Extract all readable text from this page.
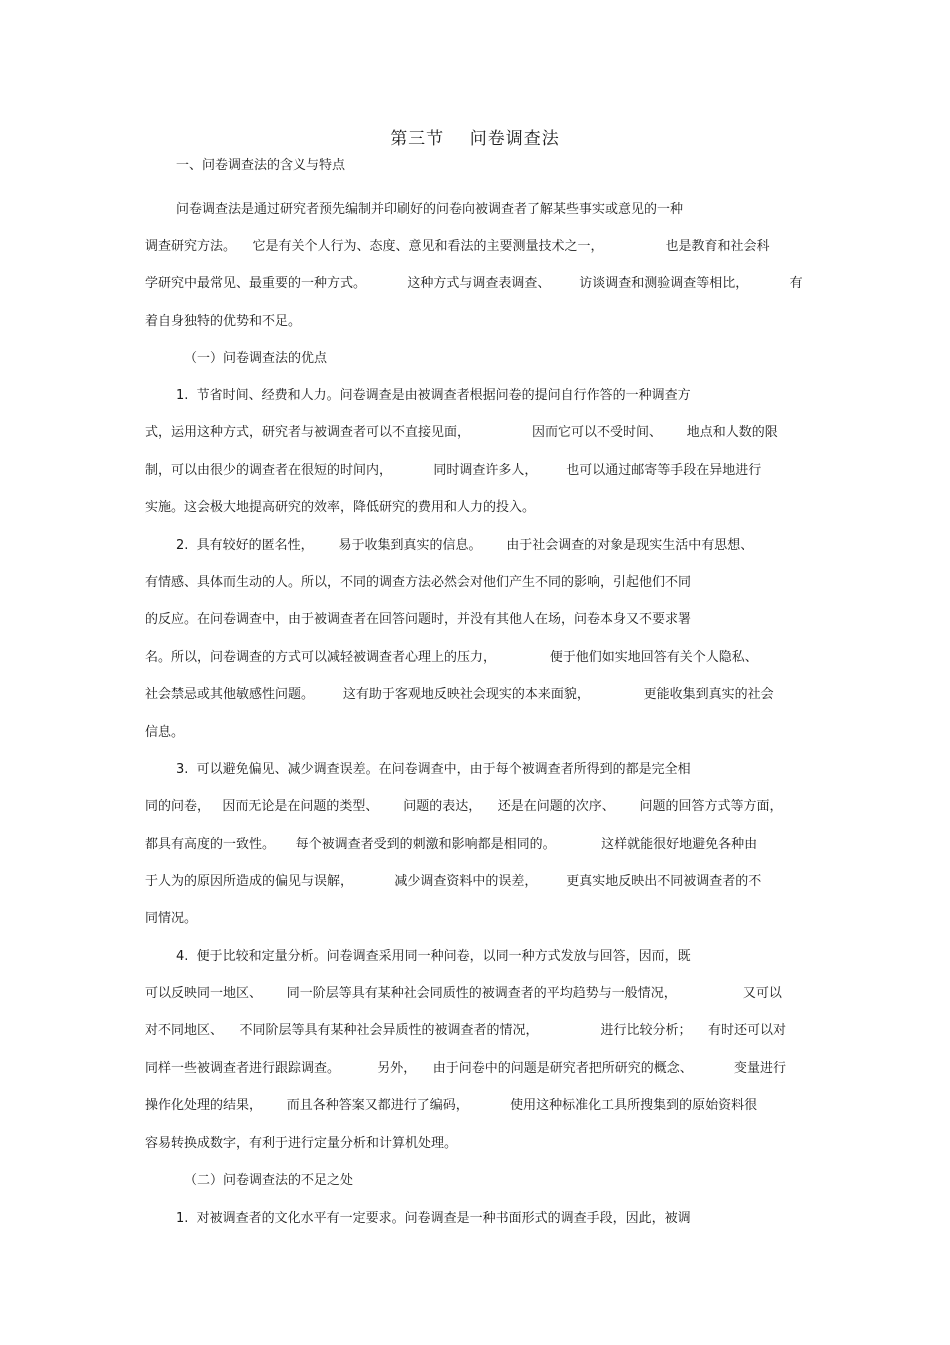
第三节    问卷调查法
一、问卷调查法的含义与特点
问卷调查法是通过研究者预先编制并印刷好的问卷向被调查者了解某些事实或意见的一种
调查研究方法。    它是有关个人行为、态度、意见和看法的主要测量技术之一，               也是教育和社会科
学研究中最常见、最重要的一种方式。          这种方式与调查表调查、       访谈调查和测验调查等相比，          有
着自身独特的优势和不足。
（一）问卷调查法的优点
1.  节省时间、经费和人力。问卷调查是由被调查者根据问卷的提问自行作答的一种调查方
式，运用这种方式，研究者与被调查者可以不直接见面，               因而它可以不受时间、      地点和人数的限
制，可以由很少的调查者在很短的时间内，          同时调查许多人，       也可以通过邮寄等手段在异地进行
实施。这会极大地提高研究的效率，降低研究的费用和人力的投入。
2.  具有较好的匿名性，      易于收集到真实的信息。      由于社会调查的对象是现实生活中有思想、
有情感、具体而生动的人。所以，不同的调查方法必然会对他们产生不同的影响，引起他们不同
的反应。在问卷调查中，由于被调查者在回答问题时，并没有其他人在场，问卷本身又不要求署
名。所以，问卷调查的方式可以减轻被调查者心理上的压力，             便于他们如实地回答有关个人隐私、
社会禁忌或其他敏感性问题。       这有助于客观地反映社会现实的本来面貌，             更能收集到真实的社会
信息。
3.  可以避免偏见、减少调查误差。在问卷调查中，由于每个被调查者所得到的都是完全相
同的问卷，   因而无论是在问题的类型、      问题的表达，    还是在问题的次序、      问题的回答方式等方面，
都具有高度的一致性。     每个被调查者受到的刺激和影响都是相同的。           这样就能很好地避免各种由
于人为的原因所造成的偏见与误解，          减少调查资料中的误差，       更真实地反映出不同被调查者的不
同情况。
4.  便于比较和定量分析。问卷调查采用同一种问卷，以同一种方式发放与回答，因而，既
可以反映同一地区、      同一阶层等具有某种社会同质性的被调查者的平均趋势与一般情况，                又可以
对不同地区、    不同阶层等具有某种社会异质性的被调查者的情况，               进行比较分析；    有时还可以对
同样一些被调查者进行跟踪调查。         另外，    由于问卷中的问题是研究者把所研究的概念、          变量进行
操作化处理的结果，      而且各种答案又都进行了编码，          使用这种标准化工具所搜集到的原始资料很
容易转换成数字，有利于进行定量分析和计算机处理。
（二）问卷调查法的不足之处
1.  对被调查者的文化水平有一定要求。问卷调查是一种书面形式的调查手段，因此，被调
